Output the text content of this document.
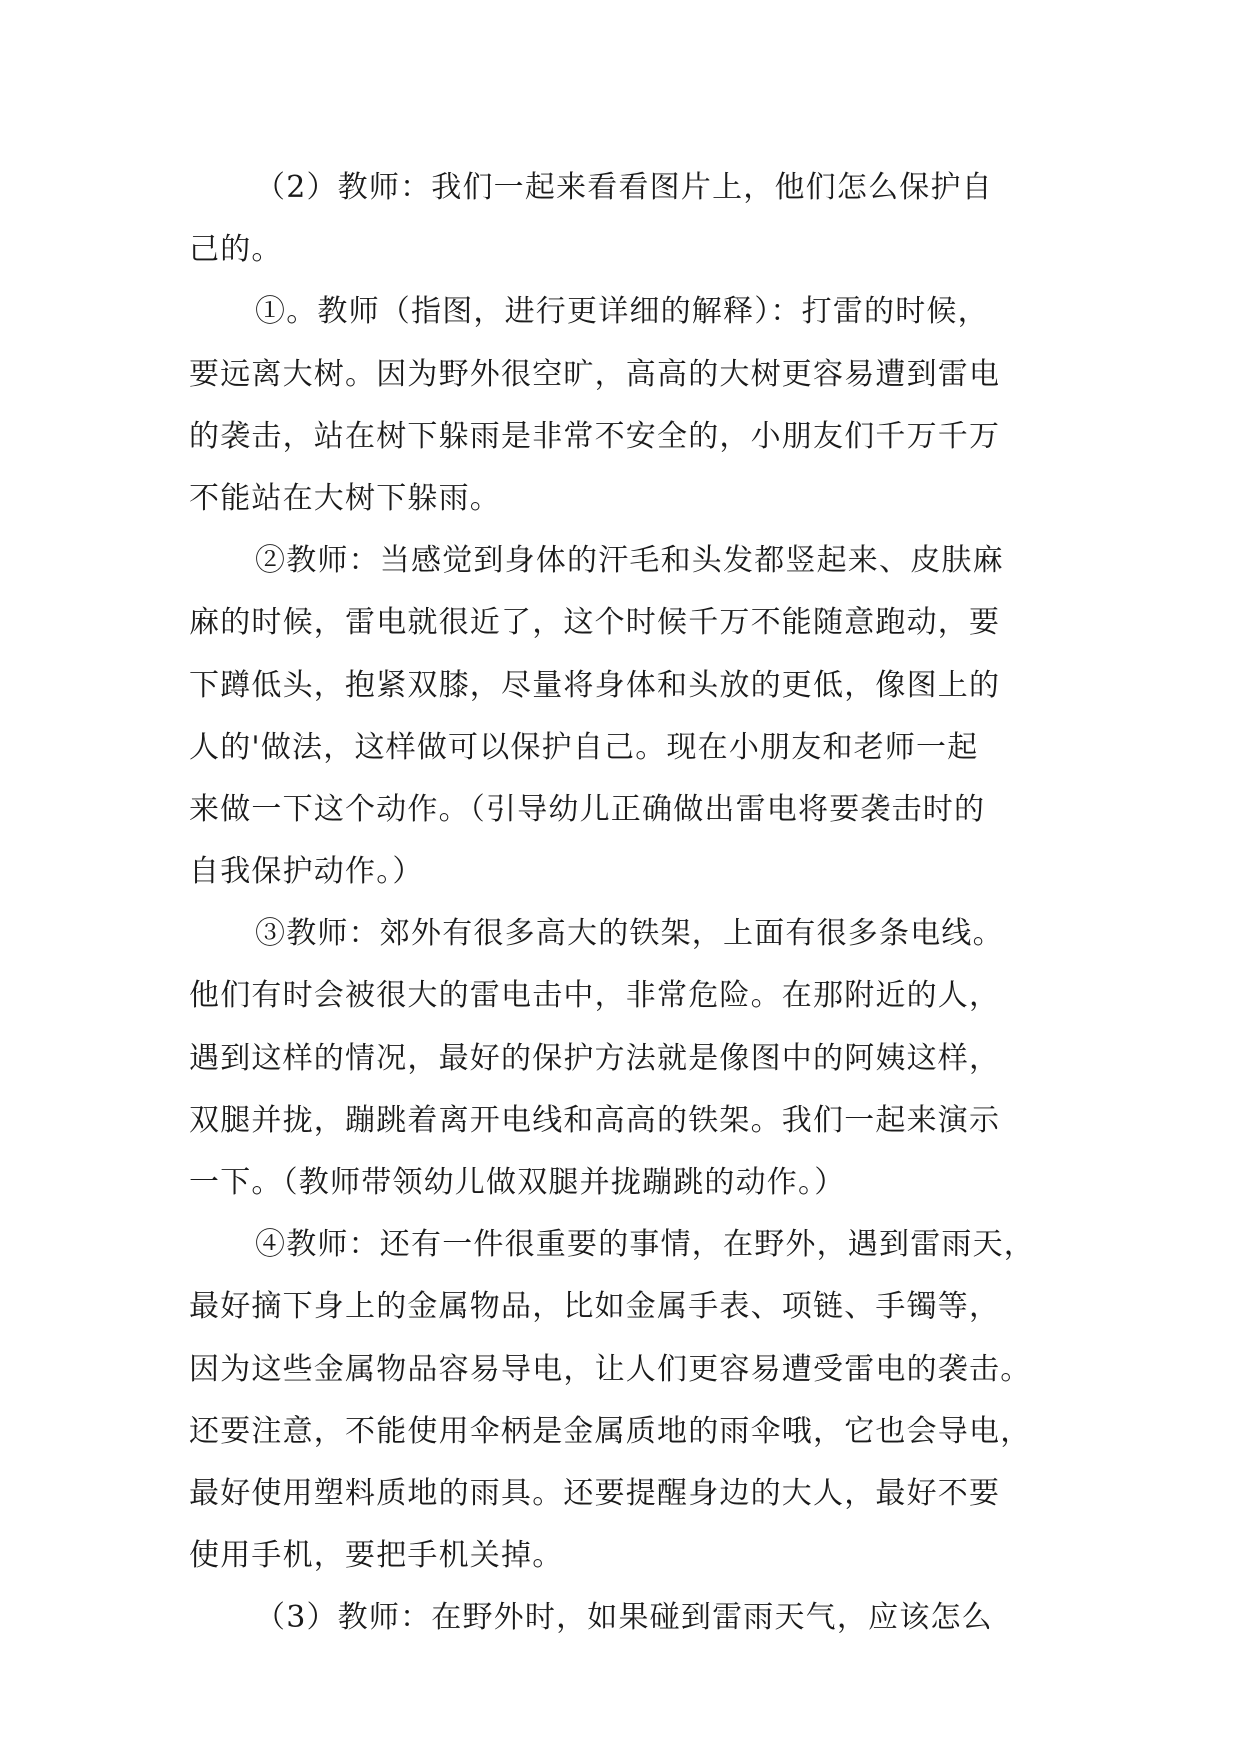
（2）教师：我们一起来看看图片上，他们怎么保护自
己的。
①。教师（指图，进行更详细的解释）：打雷的时候，
要远离大树。因为野外很空旷，高高的大树更容易遭到雷电
的袭击，站在树下躲雨是非常不安全的，小朋友们千万千万
不能站在大树下躲雨。
②教师：当感觉到身体的汗毛和头发都竖起来、皮肤麻
麻的时候，雷电就很近了，这个时候千万不能随意跑动，要
下蹲低头，抱紧双膝，尽量将身体和头放的更低，像图上的
人的'做法，这样做可以保护自己。现在小朋友和老师一起
来做一下这个动作。（引导幼儿正确做出雷电将要袭击时的
自我保护动作。）
③教师：郊外有很多高大的铁架，上面有很多条电线。
他们有时会被很大的雷电击中，非常危险。在那附近的人，
遇到这样的情况，最好的保护方法就是像图中的阿姨这样，
双腿并拢，蹦跳着离开电线和高高的铁架。我们一起来演示
一下。（教师带领幼儿做双腿并拢蹦跳的动作。）
④教师：还有一件很重要的事情，在野外，遇到雷雨天，
最好摘下身上的金属物品，比如金属手表、项链、手镯等，
因为这些金属物品容易导电，让人们更容易遭受雷电的袭击。
还要注意，不能使用伞柄是金属质地的雨伞哦，它也会导电，
最好使用塑料质地的雨具。还要提醒身边的大人，最好不要
使用手机，要把手机关掉。
（3）教师：在野外时，如果碰到雷雨天气，应该怎么
